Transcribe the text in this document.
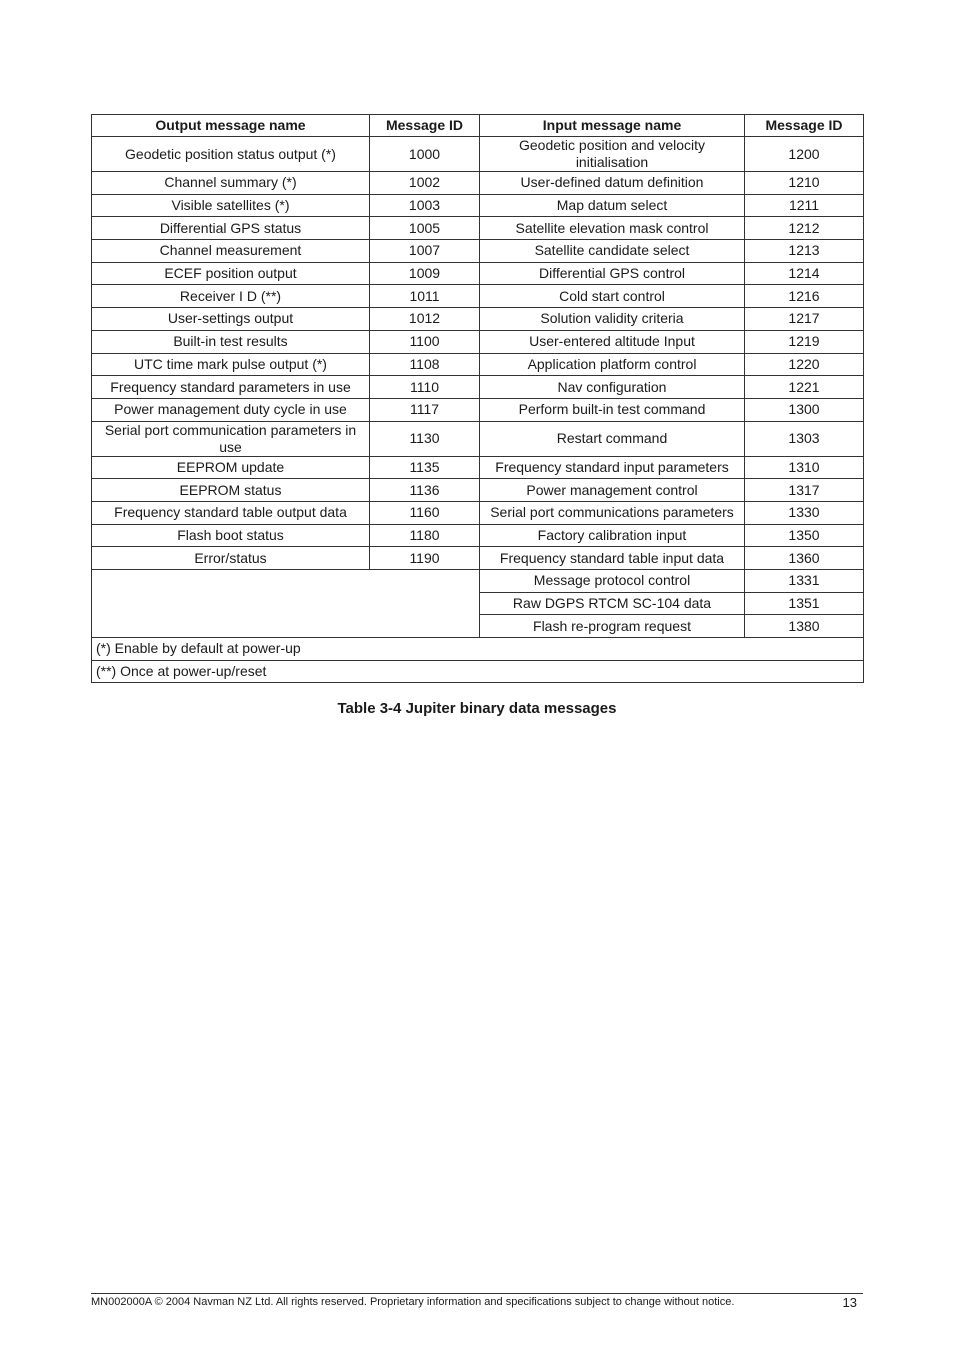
Output message name	Message ID	Input message name	Message ID
Geodetic position status output (*)	1000	Geodetic position and velocity initialisation	1200
Channel summary (*)	1002	User-defined datum definition	1210
Visible satellites (*)	1003	Map datum select	1211
Differential GPS status	1005	Satellite elevation mask control	1212
Channel measurement	1007	Satellite candidate select	1213
ECEF position output	1009	Differential GPS control	1214
Receiver I D (**)	1011	Cold start control	1216
User-settings output	1012	Solution validity criteria	1217
Built-in test results	1100	User-entered altitude Input	1219
UTC time mark pulse output (*)	1108	Application platform control	1220
Frequency standard parameters in use	1110	Nav configuration	1221
Power management duty cycle in use	1117	Perform built-in test command	1300
Serial port communication parameters in use	1130	Restart command	1303
EEPROM update	1135	Frequency standard input parameters	1310
EEPROM status	1136	Power management control	1317
Frequency standard table output data	1160	Serial port communications parameters	1330
Flash boot status	1180	Factory calibration input	1350
Error/status	1190	Frequency standard table input data	1360
		Message protocol control	1331
		Raw DGPS RTCM SC-104 data	1351
		Flash re-program request	1380
(*) Enable by default at power-up			
(**) Once at power-up/reset			
Table 3-4 Jupiter binary data messages
MN002000A © 2004 Navman NZ Ltd. All rights reserved. Proprietary information and specifications subject to change without notice.	13
